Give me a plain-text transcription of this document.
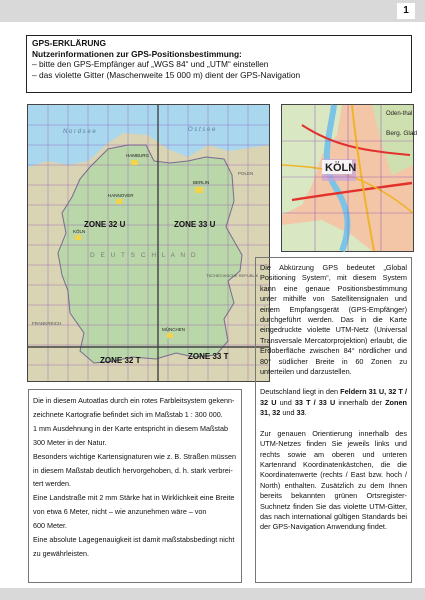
1
GPS-ERKLÄRUNG
Nutzerinformationen zur GPS-Positionsbestimmung:
– bitte den GPS-Empfänger auf „WGS 84“ und „UTM“ einstellen
– das violette Gitter (Maschenweite 15 000 m) dient der GPS-Navigation
N o r d s e e	O s t s e e
HAMBURG
BERLIN
HANNOVER
KÖLN
MÜNCHEN
POLEN
ZONE 32 U	ZONE 33 U
D E U T S C H L A N D
TSCHECHISCHE REPUBLIK
FRANKREICH
ZONE 32 T	ZONE 33 T
KÖLN
Oden-thal
Berg. Glad
Die in diesem Autoatlas durch ein rotes Farbleitsystem gekenn-
zeichnete Kartografie befindet sich im Maßstab 1 : 300 000.
1 mm Ausdehnung in der Karte entspricht in diesem Maßstab
300 Meter in der Natur.
Besonders wichtige Kartensignaturen wie z. B. Straßen müssen
in diesem Maßstab deutlich hervorgehoben, d. h. stark verbrei-
tert werden.
Eine Landstraße mit 2 mm Stärke hat in Wirklichkeit eine Breite
von etwa 6 Meter, nicht – wie anzunehmen wäre – von
600 Meter.
Eine absolute Lagegenauigkeit ist damit maßstabsbedingt nicht
zu gewährleisten.

Die Abkürzung GPS bedeutet „Global Positioning System“, mit diesem System kann eine genaue Positionsbestimmung unter mithilfe von Satellitensignalen und einem Empfangsgerät (GPS-Empfänger) durchgeführt werden. Das in die Karte eingedruckte violette UTM-Netz (Universal Transversale Mercatorprojektion) erlaubt, die Erdoberfläche zwischen 84° nördlicher und 80° südlicher Breite in 60 Zonen zu unterteilen und darzustellen.

Deutschland liegt in den Feldern 31 U, 32 T / 32 U und 33 T / 33 U innerhalb der Zonen 31, 32 und 33.

Zur genauen Orientierung innerhalb des UTM-Netzes finden Sie jeweils links und rechts sowie am oberen und unteren Kartenrand Koordinatenkästchen, die die Koordinatenwerte (rechts / East bzw. hoch / North) enthalten. Zusätzlich zu dem Ihnen bereits bekannten grünen Ortsregister-Suchnetz finden Sie das violette UTM-Gitter, das nach international gültigen Standards bei der GPS-Navigation Anwendung findet.
